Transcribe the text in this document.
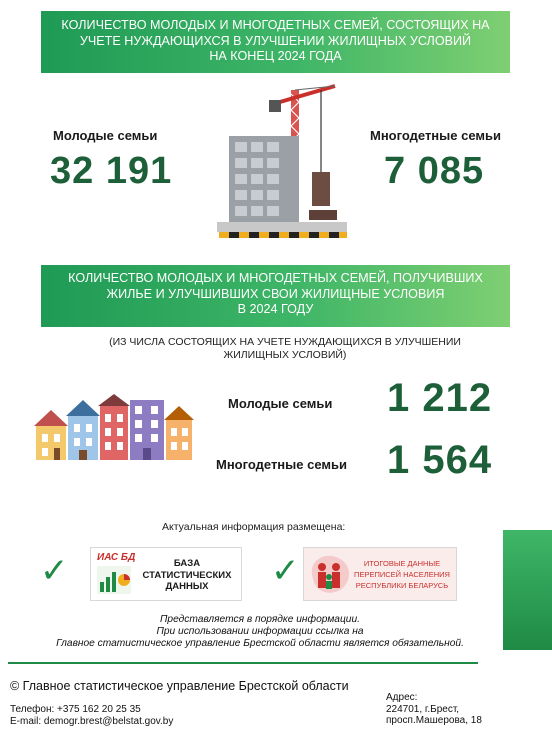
КОЛИЧЕСТВО МОЛОДЫХ И МНОГОДЕТНЫХ СЕМЕЙ, СОСТОЯЩИХ НА
УЧЕТЕ НУЖДАЮЩИХСЯ В УЛУЧШЕНИИ ЖИЛИЩНЫХ УСЛОВИЙ
НА КОНЕЦ 2024 ГОДА
Молодые семьи
32 191
Многодетные семьи
7 085
КОЛИЧЕСТВО МОЛОДЫХ И МНОГОДЕТНЫХ СЕМЕЙ, ПОЛУЧИВШИХ
ЖИЛЬЕ И УЛУЧШИВШИХ СВОИ ЖИЛИЩНЫЕ УСЛОВИЯ
В 2024 ГОДУ
(ИЗ ЧИСЛА СОСТОЯЩИХ НА УЧЕТЕ НУЖДАЮЩИХСЯ В УЛУЧШЕНИИ
ЖИЛИЩНЫХ УСЛОВИЙ)
Молодые семьи 1 212
Многодетные семьи 1 564
Актуальная информация размещена:
✓	ИАС БД
БАЗА
СТАТИСТИЧЕСКИХ
ДАННЫХ	✓	ИТОГОВЫЕ ДАННЫЕ
ПЕРЕПИСЕЙ НАСЕЛЕНИЯ
РЕСПУБЛИКИ БЕЛАРУСЬ
Представляется в порядке информации.
При использовании информации ссылка на
Главное статистическое управление Брестской области является обязательной.
© Главное статистическое управление Брестской области
Телефон: +375 162 20 25 35
E-mail: demogr.brest@belstat.gov.by
Адрес:
224701, г.Брест,
просп.Машерова, 18
